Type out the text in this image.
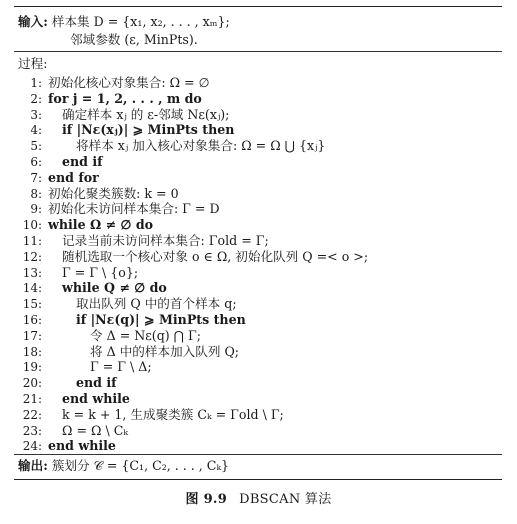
输入: 样本集 D = {x₁, x₂, . . . , xₘ};
邻域参数 (ε, MinPts).
过程:
1: 初始化核心对象集合: Ω = ∅
2: for j = 1, 2, . . . , m do
3: 确定样本 xⱼ 的 ε-邻域 Nε(xⱼ);
4: if |Nε(xⱼ)| ⩾ MinPts then
5:	将样本 xⱼ 加入核心对象集合: Ω = Ω ⋃ {xⱼ}
6: end if
7: end for
8: 初始化聚类簇数: k = 0
9: 初始化未访问样本集合: Γ = D
10: while Ω ≠ ∅ do
11: 记录当前未访问样本集合: Γold = Γ;
12: 随机选取一个核心对象 o ∈ Ω, 初始化队列 Q =< o >;
13: Γ = Γ \ {o};
14: while Q ≠ ∅ do
15:	取出队列 Q 中的首个样本 q;
16:	if |Nε(q)| ⩾ MinPts then
17:	令 Δ = Nε(q) ⋂ Γ;
18:	将 Δ 中的样本加入队列 Q;
19:	Γ = Γ \ Δ;
20:	end if
21: end while
22: k = k + 1, 生成聚类簇 Cₖ = Γold \ Γ;
23: Ω = Ω \ Cₖ
24: end while
输出: 簇划分 𝒞 = {C₁, C₂, . . . , Cₖ}
图 9.9 DBSCAN 算法
